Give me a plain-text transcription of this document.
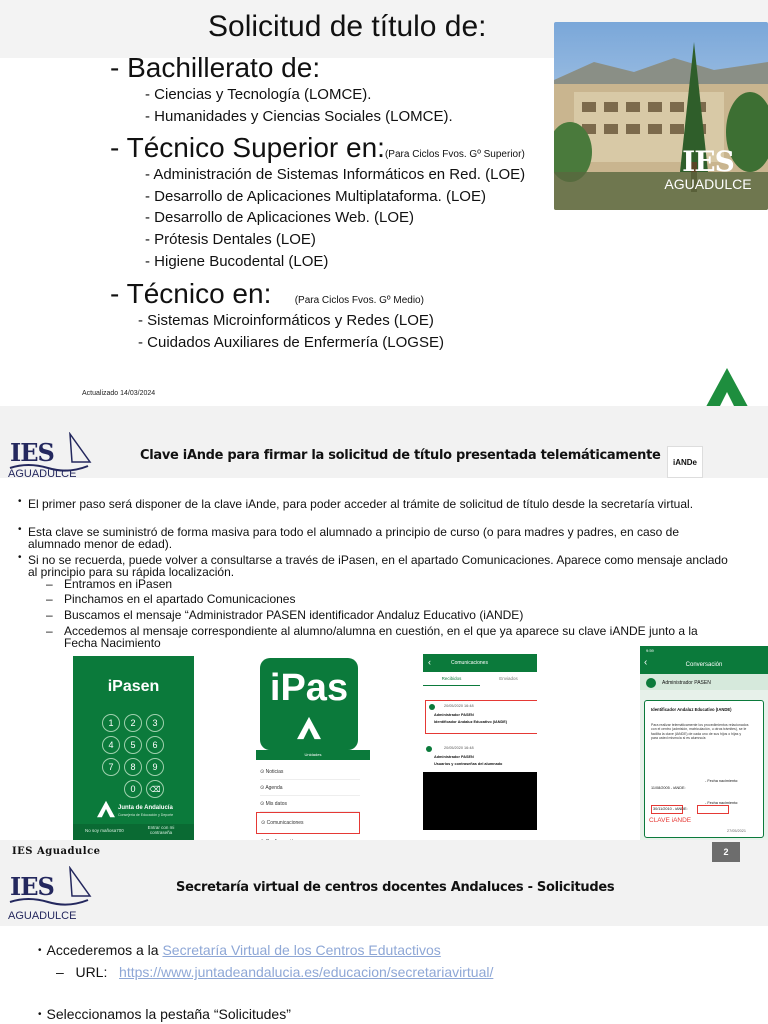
Solicitud de título de:
- Bachillerato de:
- Ciencias y Tecnología (LOMCE).
- Humanidades y Ciencias Sociales (LOMCE).
- Técnico Superior en:(Para Ciclos Fvos. Gº Superior)
- Administración de Sistemas Informáticos en Red. (LOE)
- Desarrollo de Aplicaciones Multiplataforma. (LOE)
- Desarrollo de Aplicaciones Web. (LOE)
- Prótesis Dentales (LOE)
- Higiene Bucodental (LOE)
- Técnico en: (Para Ciclos Fvos. Gº Medio)
- Sistemas Microinformáticos y Redes (LOE)
- Cuidados Auxiliares de Enfermería (LOGSE)
IES
AGUADULCE
Actualizado 14/03/2024
IES
AGUADULCE
Clave iAnde para firmar la solicitud de título presentada telemáticamente iANDe
• El primer paso será disponer de la clave iAnde, para poder acceder al trámite de solicitud de título desde la secretaría virtual.
• Esta clave se suministró de forma masiva para todo el alumnado a principio de curso (o para madres y padres, en caso de alumnado menor de edad).
• Si no se recuerda, puede volver a consultarse a través de iPasen, en el apartado Comunicaciones. Aparece como mensaje anclado al principio para su rápida localización.
– Entramos en iPasen
– Pinchamos en el apartado Comunicaciones
– Buscamos el mensaje “Administrador PASEN identificador Andaluz Educativo (iANDE)
– Accedemos al mensaje correspondiente al alumno/alumna en cuestión, en el que ya aparece su clave iANDE junto a la Fecha Nacimiento
iPasen
1	2	3
4	5	6
7	8	9
0	⌫
Junta de Andalucía
Consejería de Educación y Deporte
No soy mañosa700
Entrar con mi contraseña
iPas
Unidades
⊙ Noticias
⊙ Agenda
⊙ Mis datos
⊙ Comunicaciones
‹	Comunicaciones
Recibidos	Enviados
20/05/2020 16:48
Administrador PASEN
Identificador Andaluz Educativo (IANDE)
20/05/2020 16:48
Administrador PASEN
Usuarios y contraseñas del alumnado
9:59
‹	Conversación
Administrador PASEN
Identificador Andaluz Educativo (IANDE)
Para realizar telemáticamente los procedimientos relacionados con el centro (admisión, matriculación, u otros trámites), se le facilita la clave (iANDE) de cada uno de sus hijos o hijas y para usted mismo/a si es alumno/a:
- Fecha nacimiento:
11/08/2005 - iANDE:
- Fecha nacimiento:
30/11/2010 - iANDE:
CLAVE iANDE
27/05/2021
IES Aguadulce	2
IES
AGUADULCE
Secretaría virtual de centros docentes Andaluces - Solicitudes
• Accederemos a la Secretaría Virtual de los Centros Edutactivos
–   URL:   https://www.juntadeandalucia.es/educacion/secretariavirtual/
• Seleccionamos la pestaña “Solicitudes”
